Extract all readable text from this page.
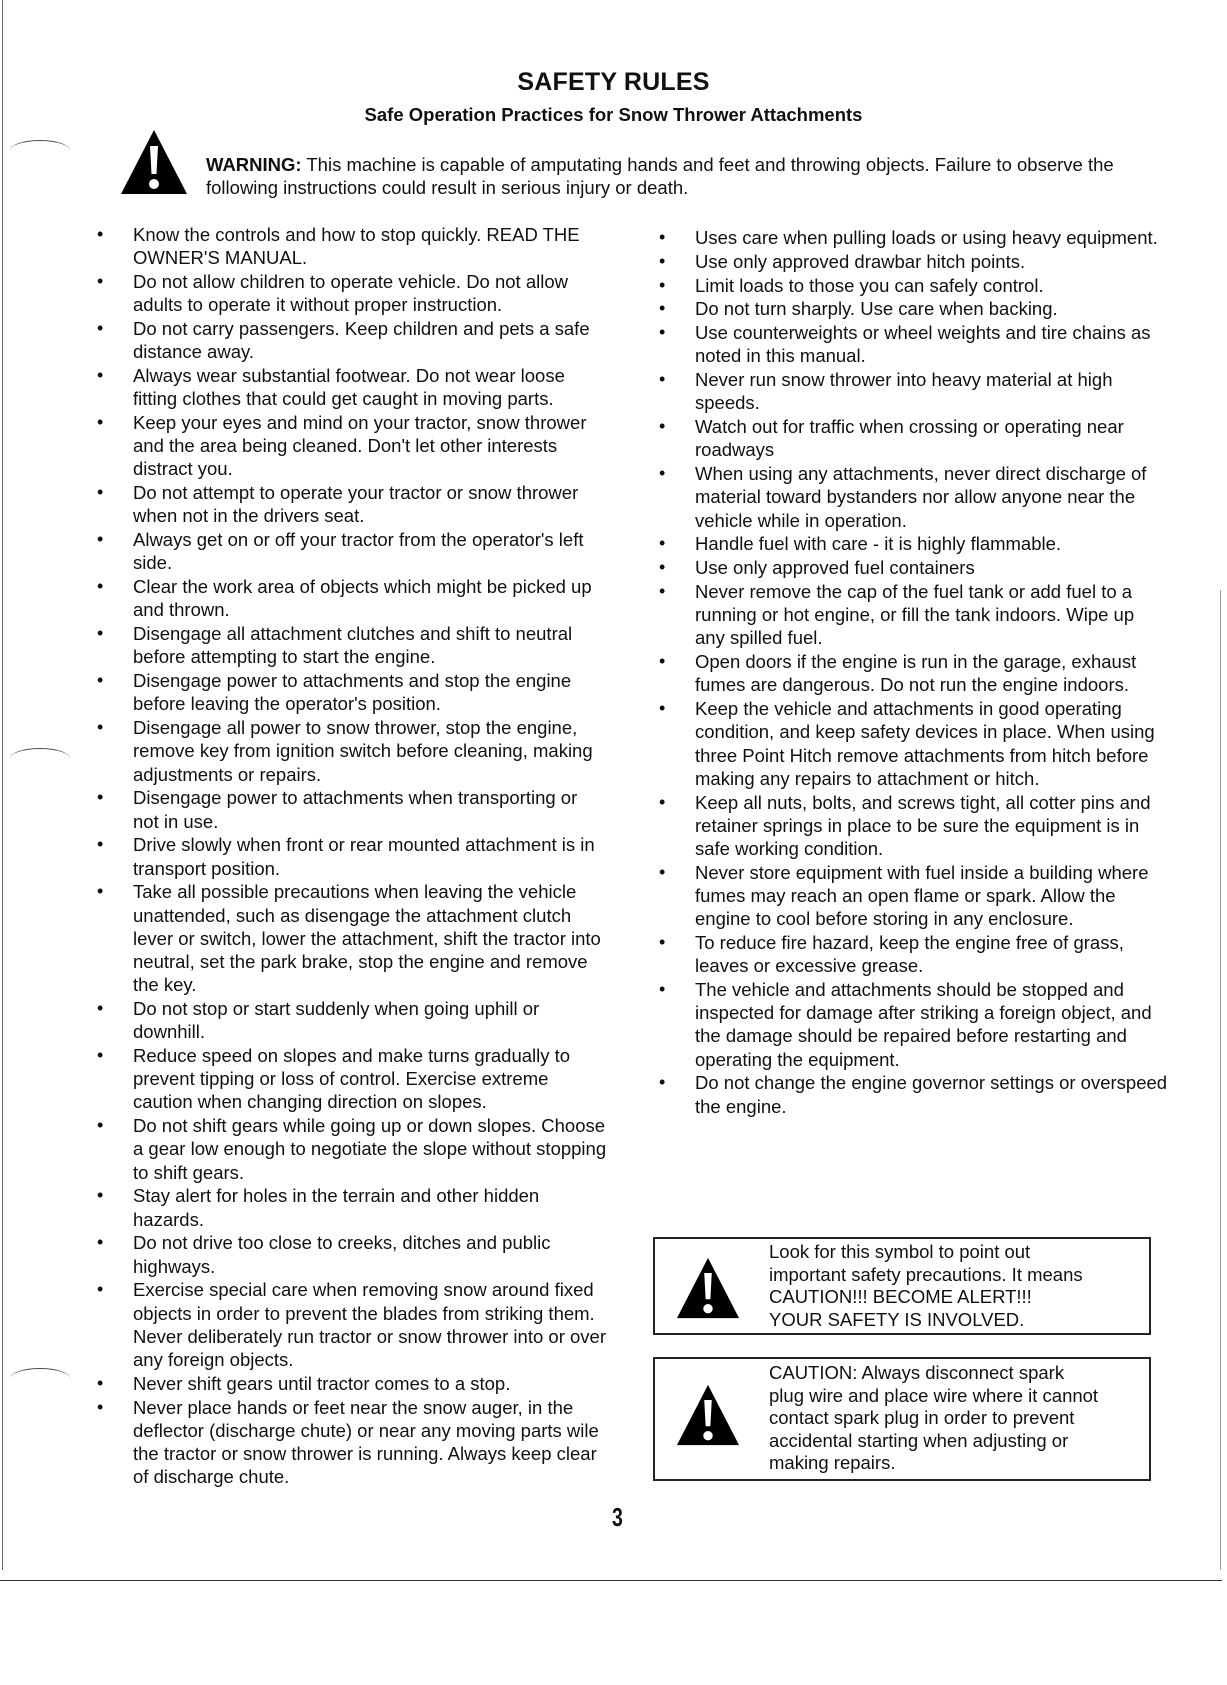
SAFETY RULES
Safe Operation Practices for Snow Thrower Attachments
WARNING: This machine is capable of amputating hands and feet and throwing objects. Failure to observe the following instructions could result in serious injury or death.
• Know the controls and how to stop quickly. READ THE OWNER'S MANUAL.
• Do not allow children to operate vehicle. Do not allow adults to operate it without proper instruction.
• Do not carry passengers. Keep children and pets a safe distance away.
• Always wear substantial footwear. Do not wear loose fitting clothes that could get caught in moving parts.
• Keep your eyes and mind on your tractor, snow thrower and the area being cleaned. Don't let other interests distract you.
• Do not attempt to operate your tractor or snow thrower when not in the drivers seat.
• Always get on or off your tractor from the operator's left side.
• Clear the work area of objects which might be picked up and thrown.
• Disengage all attachment clutches and shift to neutral before attempting to start the engine.
• Disengage power to attachments and stop the engine before leaving the operator's position.
• Disengage all power to snow thrower, stop the engine, remove key from ignition switch before cleaning, making adjustments or repairs.
• Disengage power to attachments when transporting or not in use.
• Drive slowly when front or rear mounted attachment is in transport position.
• Take all possible precautions when leaving the vehicle unattended, such as disengage the attachment clutch lever or switch, lower the attachment, shift the tractor into neutral, set the park brake, stop the engine and remove the key.
• Do not stop or start suddenly when going uphill or downhill.
• Reduce speed on slopes and make turns gradually to prevent tipping or loss of control. Exercise extreme caution when changing direction on slopes.
• Do not shift gears while going up or down slopes. Choose a gear low enough to negotiate the slope without stopping to shift gears.
• Stay alert for holes in the terrain and other hidden hazards.
• Do not drive too close to creeks, ditches and public highways.
• Exercise special care when removing snow around fixed objects in order to prevent the blades from striking them. Never deliberately run tractor or snow thrower into or over any foreign objects.
• Never shift gears until tractor comes to a stop.
• Never place hands or feet near the snow auger, in the deflector (discharge chute) or near any moving parts wile the tractor or snow thrower is running. Always keep clear of discharge chute.
• Uses care when pulling loads or using heavy equipment.
• Use only approved drawbar hitch points.
• Limit loads to those you can safely control.
• Do not turn sharply. Use care when backing.
• Use counterweights or wheel weights and tire chains as noted in this manual.
• Never run snow thrower into heavy material at high speeds.
• Watch out for traffic when crossing or operating near roadways
• When using any attachments, never direct discharge of material toward bystanders nor allow anyone near the vehicle while in operation.
• Handle fuel with care - it is highly flammable.
• Use only approved fuel containers
• Never remove the cap of the fuel tank or add fuel to a running or hot engine, or fill the tank indoors. Wipe up any spilled fuel.
• Open doors if the engine is run in the garage, exhaust fumes are dangerous. Do not run the engine indoors.
• Keep the vehicle and attachments in good operating condition, and keep safety devices in place. When using three Point Hitch remove attachments from hitch before making any repairs to attachment or hitch.
• Keep all nuts, bolts, and screws tight, all cotter pins and retainer springs in place to be sure the equipment is in safe working condition.
• Never store equipment with fuel inside a building where fumes may reach an open flame or spark. Allow the engine to cool before storing in any enclosure.
• To reduce fire hazard, keep the engine free of grass, leaves or excessive grease.
• The vehicle and attachments should be stopped and inspected for damage after striking a foreign object, and the damage should be repaired before restarting and operating the equipment.
• Do not change the engine governor settings or overspeed the engine.
Look for this symbol to point out
important safety precautions. It means
CAUTION!!! BECOME ALERT!!!
YOUR SAFETY IS INVOLVED.
CAUTION: Always disconnect spark
plug wire and place wire where it cannot
contact spark plug in order to prevent
accidental starting when adjusting or
making repairs.
3
